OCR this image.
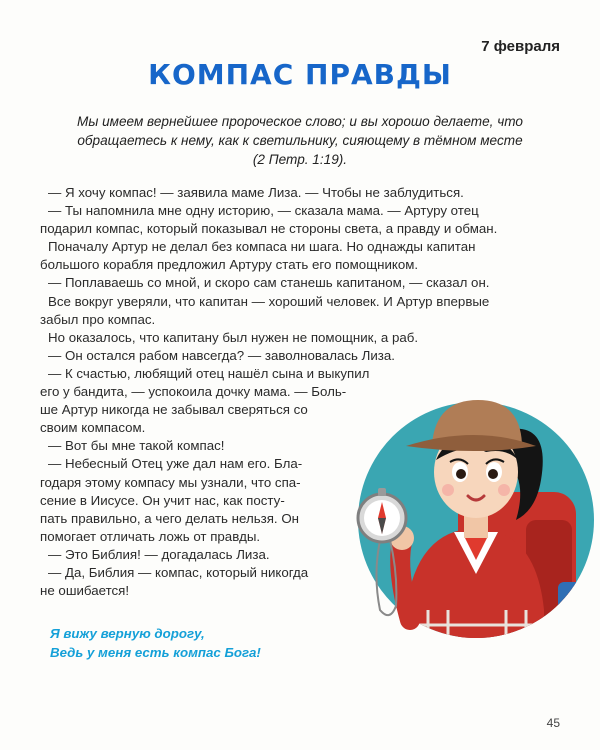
7 февраля
КОМПАС ПРАВДЫ

Мы имеем вернейшее пророческое слово; и вы хорошо делаете, что

обращаетесь к нему, как к светильнику, сияющему в тёмном месте

(2 Петр. 1:19).

— Я хочу компас! — заявила маме Лиза. — Чтобы не заблудиться.
— Ты напомнила мне одну историю, — сказала мама. — Артуру отец
подарил компас, который показывал не стороны света, а правду и обман.
Поначалу Артур не делал без компаса ни шага. Но однажды капитан
большого корабля предложил Артуру стать его помощником.
— Поплаваешь со мной, и скоро сам станешь капитаном, — сказал он.
Все вокруг уверяли, что капитан — хороший человек. И Артур впервые
забыл про компас.
Но оказалось, что капитану был нужен не помощник, а раб.
— Он остался рабом навсегда? — заволновалась Лиза.
— К счастью, любящий отец нашёл сына и выкупил
его у бандита, — успокоила дочку мама. — Боль-
ше Артур никогда не забывал сверяться со
своим компасом.
— Вот бы мне такой компас!
— Небесный Отец уже дал нам его. Бла-
годаря этому компасу мы узнали, что спа-
сение в Иисусе. Он учит нас, как посту-
пать правильно, а чего делать нельзя. Он
помогает отличать ложь от правды.
— Это Библия! — догадалась Лиза.
— Да, Библия — компас, который никогда
не ошибается!
Я вижу верную дорогу,
Ведь у меня есть компас Бога!
45
